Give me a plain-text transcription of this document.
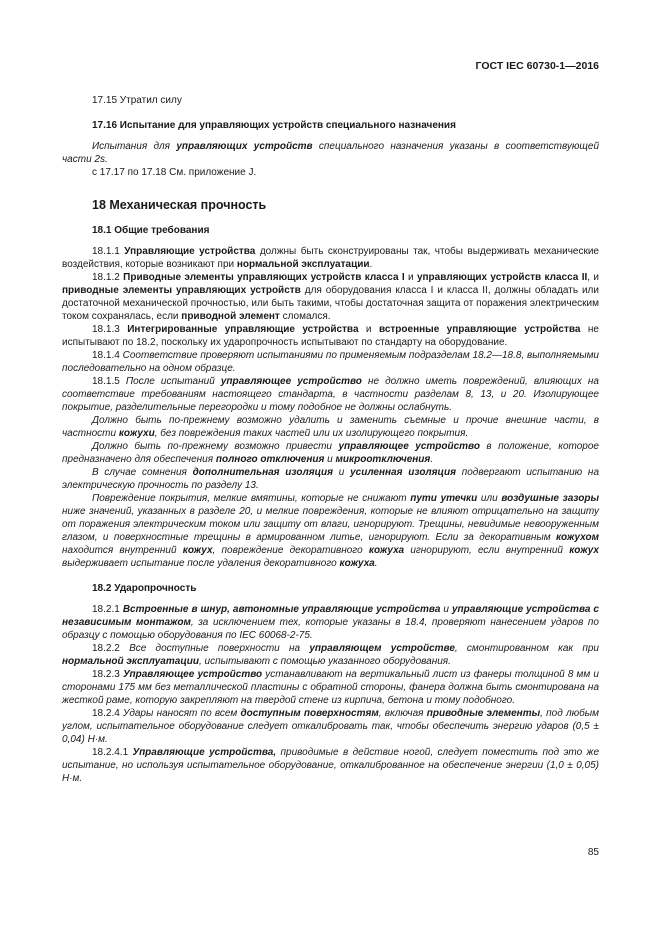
ГОСТ IEC 60730-1—2016
17.15 Утратил силу
17.16 Испытание для управляющих устройств специального назначения
Испытания для управляющих устройств специального назначения указаны в соответствующей части 2s.
с 17.17 по 17.18 См. приложение J.
18 Механическая прочность
18.1 Общие требования
18.1.1 Управляющие устройства должны быть сконструированы так, чтобы выдерживать механические воздействия, которые возникают при нормальной эксплуатации.
18.1.2 Приводные элементы управляющих устройств класса I и управляющих устройств класса II, и приводные элементы управляющих устройств для оборудования класса I и класса II, должны обладать или достаточной механической прочностью, или быть такими, чтобы достаточная защита от поражения электрическим током сохранялась, если приводной элемент сломался.
18.1.3 Интегрированные управляющие устройства и встроенные управляющие устройства не испытывают по 18.2, поскольку их ударопрочность испытывают по стандарту на оборудование.
18.1.4 Соответствие проверяют испытаниями по применяемым подразделам 18.2—18.8, выполняемыми последовательно на одном образце.
18.1.5 После испытаний управляющее устройство не должно иметь повреждений, влияющих на соответствие требованиям настоящего стандарта, в частности разделам 8, 13, и 20. Изолирующее покрытие, разделительные перегородки и тому подобное не должны ослабнуть.
Должно быть по-прежнему возможно удалить и заменить съемные и прочие внешние части, в частности кожухи, без повреждения таких частей или их изолирующего покрытия.
Должно быть по-прежнему возможно привести управляющее устройство в положение, которое предназначено для обеспечения полного отключения и микроотключения.
В случае сомнения дополнительная изоляция и усиленная изоляция подвергают испытанию на электрическую прочность по разделу 13.
Повреждение покрытия, мелкие вмятины, которые не снижают пути утечки или воздушные зазоры ниже значений, указанных в разделе 20, и мелкие повреждения, которые не влияют отрицательно на защиту от поражения электрическим током или защиту от влаги, игнорируют. Трещины, невидимые невооруженным глазом, и поверхностные трещины в армированном литье, игнорируют. Если за декоративным кожухом находится внутренний кожух, повреждение декоративного кожуха игнорируют, если внутренний кожух выдерживает испытание после удаления декоративного кожуха.
18.2 Ударопрочность
18.2.1 Встроенные в шнур, автономные управляющие устройства и управляющие устройства с независимым монтажом, за исключением тех, которые указаны в 18.4, проверяют нанесением ударов по образцу с помощью оборудования по IEC 60068-2-75.
18.2.2 Все доступные поверхности на управляющем устройстве, смонтированном как при нормальной эксплуатации, испытывают с помощью указанного оборудования.
18.2.3 Управляющее устройство устанавливают на вертикальный лист из фанеры толщиной 8 мм и сторонами 175 мм без металлической пластины с обратной стороны, фанера должна быть смонтирована на жесткой раме, которую закрепляют на твердой стене из кирпича, бетона и тому подобного.
18.2.4 Удары наносят по всем доступным поверхностям, включая приводные элементы, под любым углом, испытательное оборудование следует откалибровать так, чтобы обеспечить энергию ударов (0,5 ± 0,04) Н·м.
18.2.4.1 Управляющие устройства, приводимые в действие ногой, следует поместить под это же испытание, но используя испытательное оборудование, откалиброванное на обеспечение энергии (1,0 ± 0,05) Н·м.
85
